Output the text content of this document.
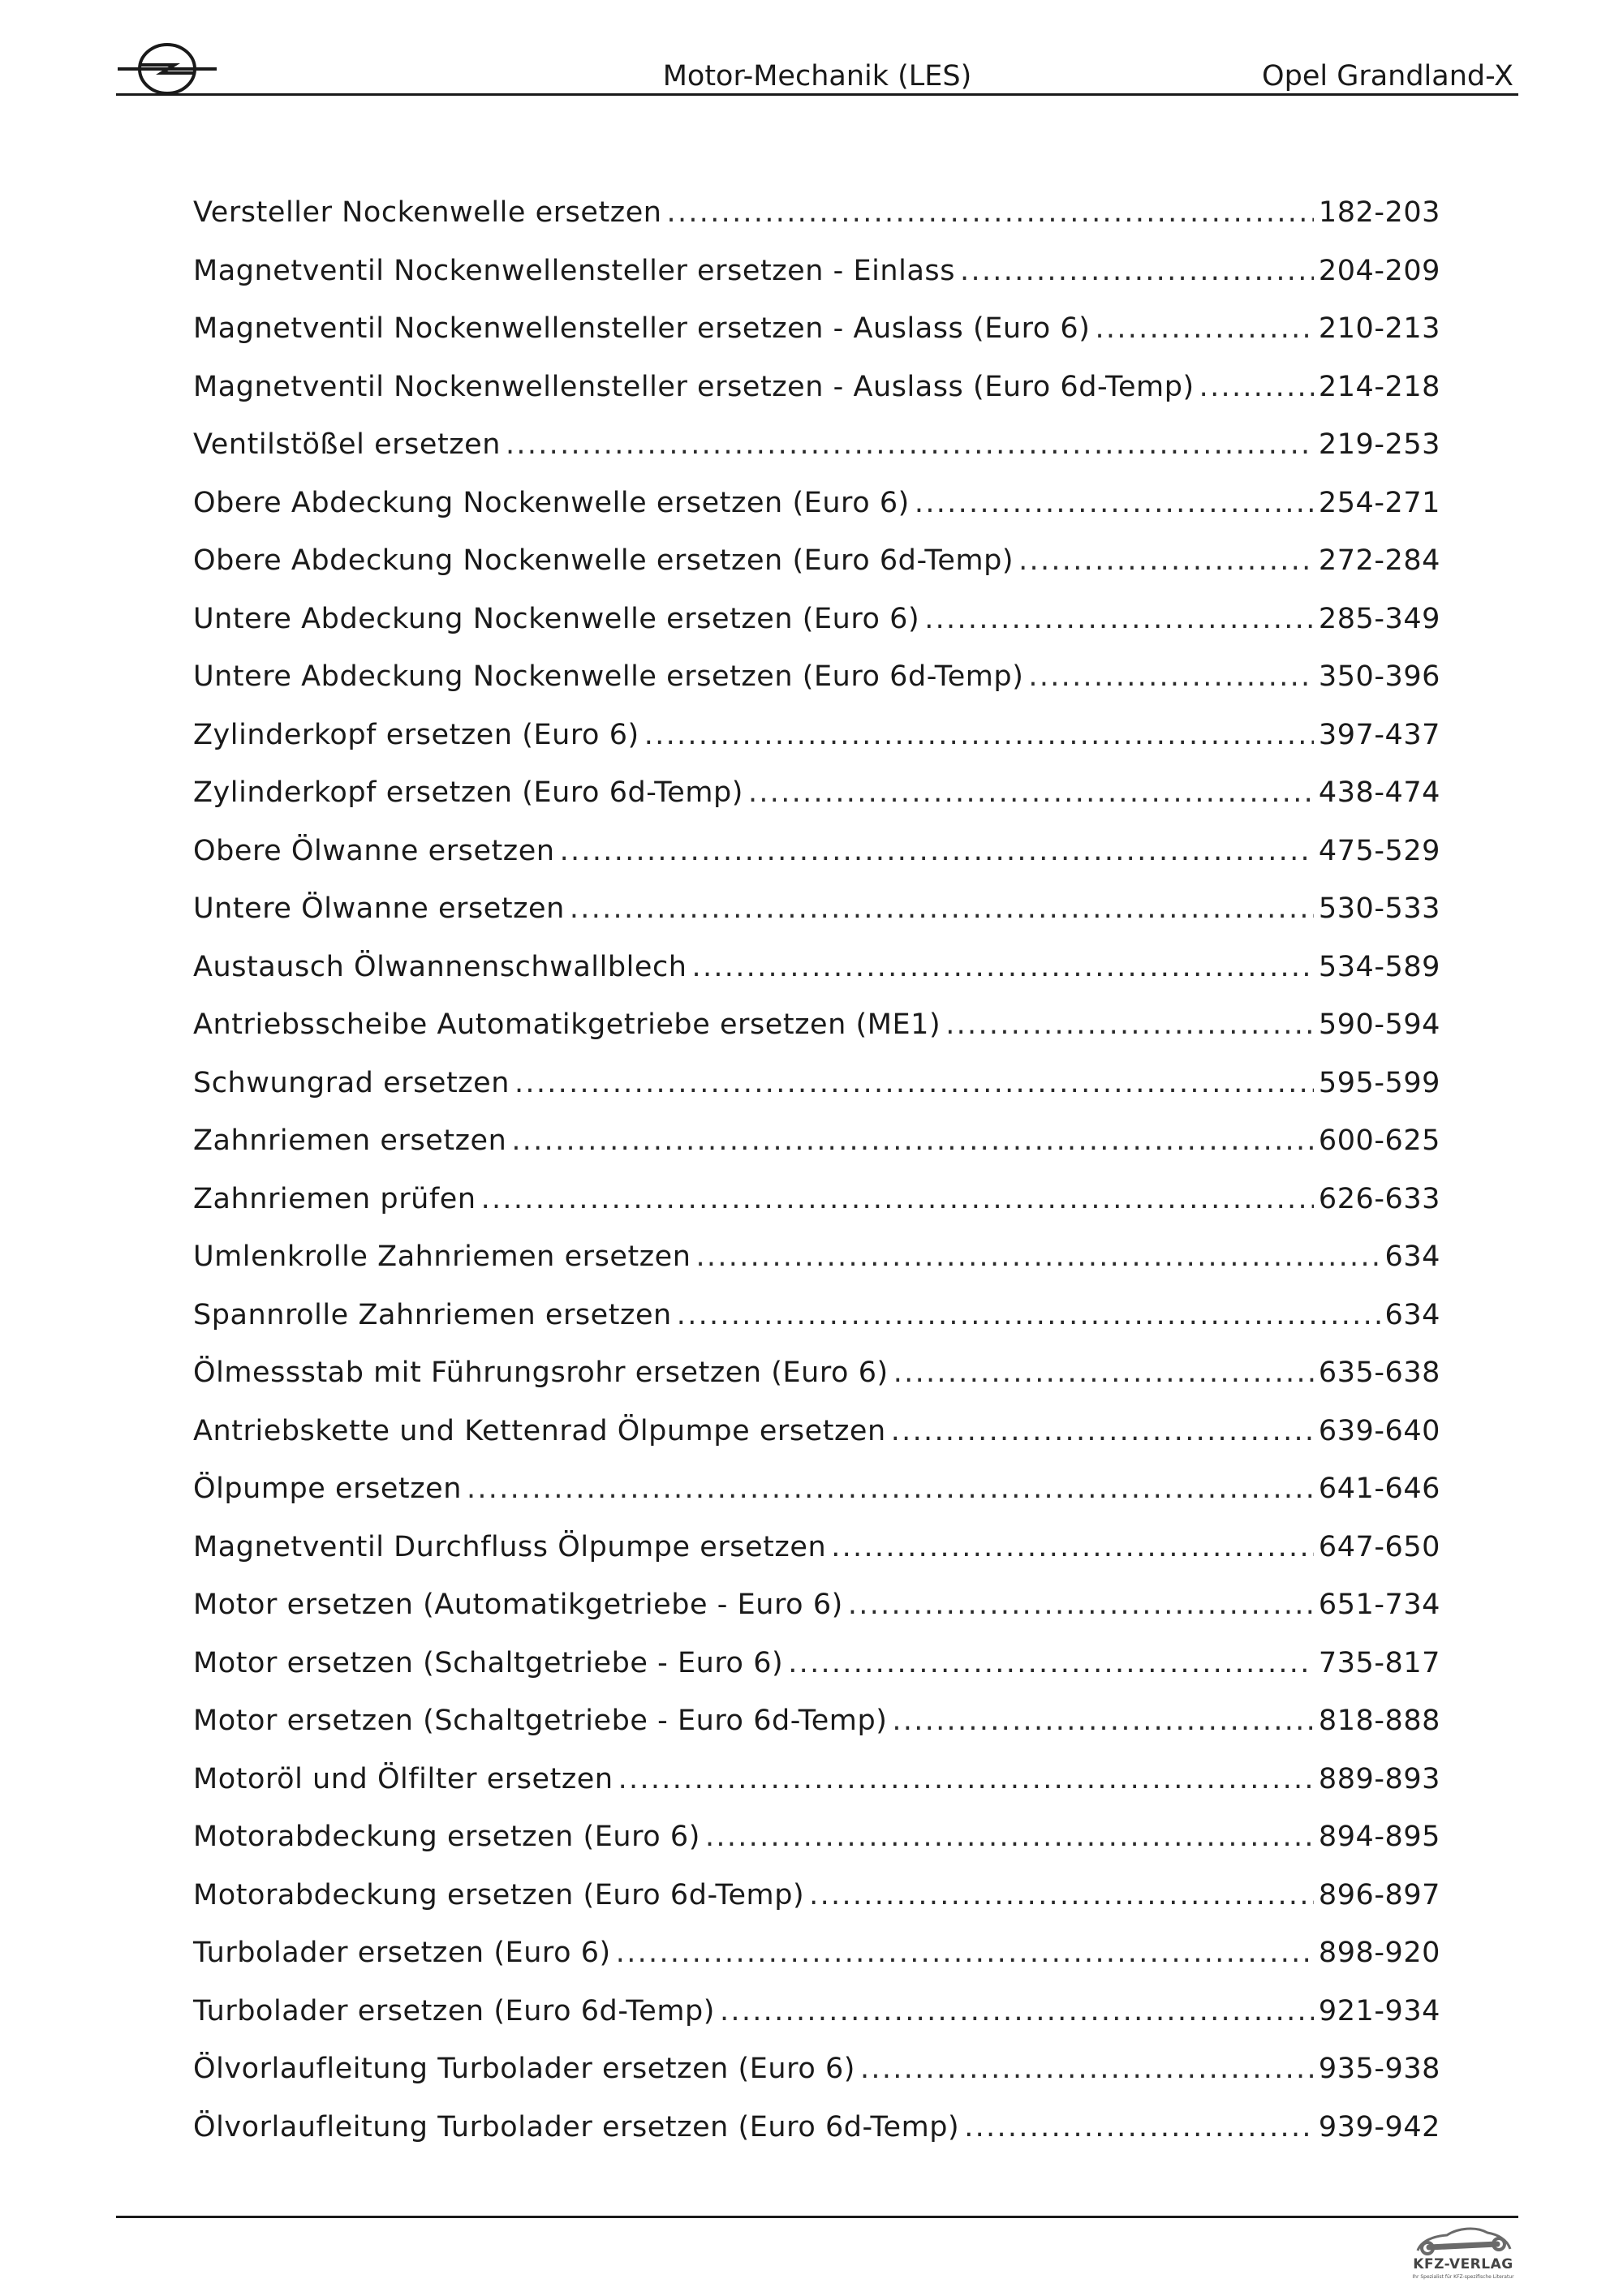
Motor-Mechanik (LES)	Opel Grandland-X
Versteller Nockenwelle ersetzen .....	182-203
Magnetventil Nockenwellensteller ersetzen - Einlass .....	204-209
Magnetventil Nockenwellensteller ersetzen - Auslass (Euro 6) .....	210-213
Magnetventil Nockenwellensteller ersetzen - Auslass (Euro 6d-Temp) .....	214-218
Ventilstößel ersetzen .....	219-253
Obere Abdeckung Nockenwelle ersetzen (Euro 6) .....	254-271
Obere Abdeckung Nockenwelle ersetzen (Euro 6d-Temp) .....	272-284
Untere Abdeckung Nockenwelle ersetzen (Euro 6) .....	285-349
Untere Abdeckung Nockenwelle ersetzen (Euro 6d-Temp) .....	350-396
Zylinderkopf ersetzen (Euro 6) .....	397-437
Zylinderkopf ersetzen (Euro 6d-Temp) .....	438-474
Obere Ölwanne ersetzen .....	475-529
Untere Ölwanne ersetzen .....	530-533
Austausch Ölwannenschwallblech .....	534-589
Antriebsscheibe Automatikgetriebe ersetzen (ME1) .....	590-594
Schwungrad ersetzen .....	595-599
Zahnriemen ersetzen .....	600-625
Zahnriemen prüfen .....	626-633
Umlenkrolle Zahnriemen ersetzen .....	634
Spannrolle Zahnriemen ersetzen .....	634
Ölmessstab mit Führungsrohr ersetzen (Euro 6) .....	635-638
Antriebskette und Kettenrad Ölpumpe ersetzen .....	639-640
Ölpumpe ersetzen .....	641-646
Magnetventil Durchfluss Ölpumpe ersetzen .....	647-650
Motor ersetzen (Automatikgetriebe - Euro 6) .....	651-734
Motor ersetzen (Schaltgetriebe - Euro 6) .....	735-817
Motor ersetzen (Schaltgetriebe - Euro 6d-Temp) .....	818-888
Motoröl und Ölfilter ersetzen .....	889-893
Motorabdeckung ersetzen (Euro 6) .....	894-895
Motorabdeckung ersetzen (Euro 6d-Temp) .....	896-897
Turbolader ersetzen (Euro 6) .....	898-920
Turbolader ersetzen (Euro 6d-Temp) .....	921-934
Ölvorlaufleitung Turbolader ersetzen (Euro 6) .....	935-938
Ölvorlaufleitung Turbolader ersetzen (Euro 6d-Temp) .....	939-942
KFZ-VERLAG
Ihr Spezialist für KFZ-spezifische Literatur
